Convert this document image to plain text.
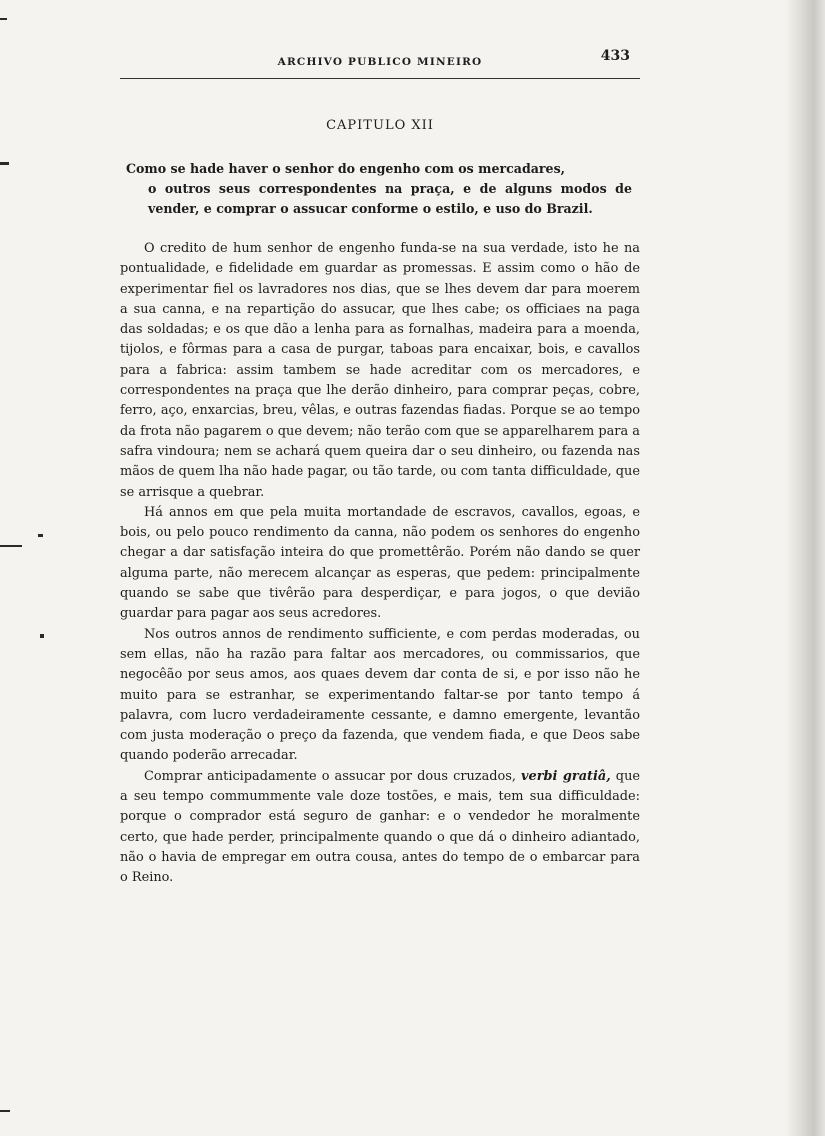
ARCHIVO PUBLICO MINEIRO	433
CAPITULO XII
Como se hade haver o senhor do engenho com os mercadares,
o outros seus correspondentes na praça, e de alguns modos de vender, e comprar o assucar conforme o estilo, e uso do Brazil.

O credito de hum senhor de engenho funda-se na sua verdade, isto he na pontualidade, e fidelidade em guardar as promessas. E assim como o hão de experimentar fiel os lavradores nos dias, que se lhes devem dar para moerem a sua canna, e na repartição do assucar, que lhes cabe; os officiaes na paga das soldadas; e os que dão a lenha para as fornalhas, madeira para a moenda, tijolos, e fôrmas para a casa de purgar, taboas para encaixar, bois, e cavallos para a fabrica: assim tambem se hade acreditar com os mercadores, e correspondentes na praça que lhe derão dinheiro, para comprar peças, cobre, ferro, aço, enxarcias, breu, vêlas, e outras fazendas fiadas. Porque se ao tempo da frota não pagarem o que devem; não terão com que se apparelharem para a safra vindoura; nem se achará quem queira dar o seu dinheiro, ou fazenda nas mãos de quem lha não hade pagar, ou tão tarde, ou com tanta difficuldade, que se arrisque a quebrar.

Há annos em que pela muita mortandade de escravos, cavallos, egoas, e bois, ou pelo pouco rendimento da canna, não podem os senhores do engenho chegar a dar satisfação inteira do que promettêrão. Porém não dando se quer alguma parte, não merecem alcançar as esperas, que pedem: principalmente quando se sabe que tivêrão para desperdiçar, e para jogos, o que devião guardar para pagar aos seus acredores.

Nos outros annos de rendimento sufficiente, e com perdas moderadas, ou sem ellas, não ha razão para faltar aos mercadores, ou commissarios, que negocêão por seus amos, aos quaes devem dar conta de si, e por isso não he muito para se estranhar, se experimentando faltar-se por tanto tempo á palavra, com lucro verdadeiramente cessante, e damno emergente, levantão com justa moderação o preço da fazenda, que vendem fiada, e que Deos sabe quando poderão arrecadar.

Comprar anticipadamente o assucar por dous cruzados, verbi gratiâ, que a seu tempo commummente vale doze tostões, e mais, tem sua difficuldade: porque o comprador está seguro de ganhar: e o vendedor he moralmente certo, que hade perder, principalmente quando o que dá o dinheiro adiantado, não o havia de empregar em outra cousa, antes do tempo de o embarcar para o Reino.
